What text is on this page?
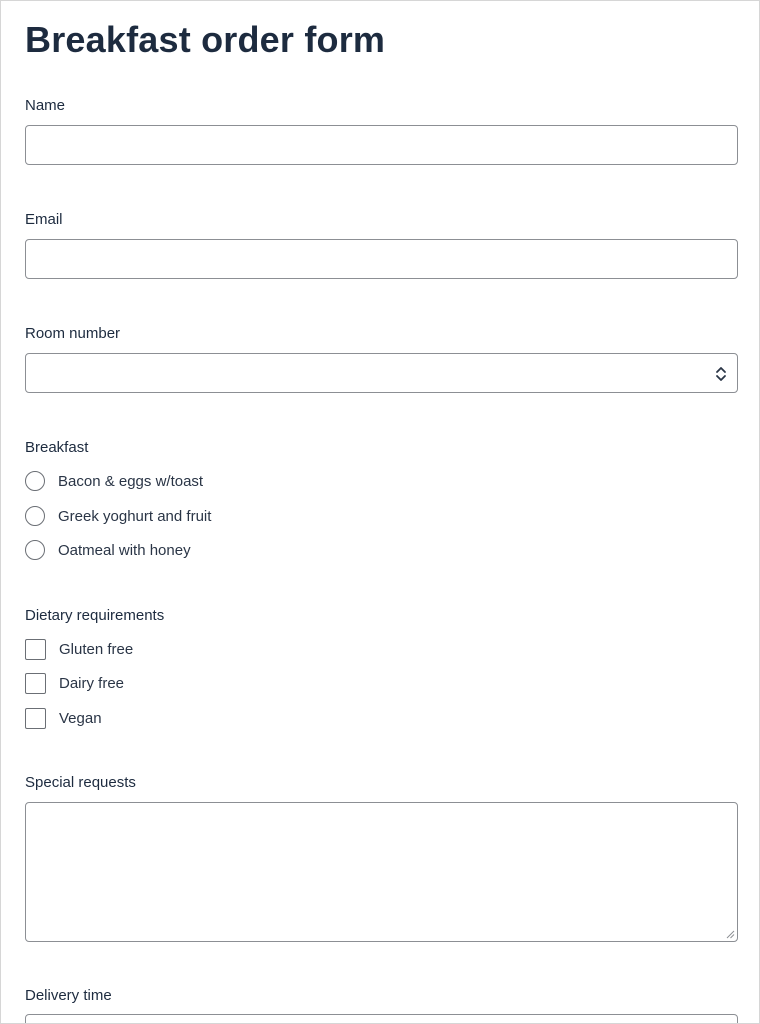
Breakfast order form
Name
Email
Room number
Breakfast
Bacon & eggs w/toast
Greek yoghurt and fruit
Oatmeal with honey
Dietary requirements
Gluten free
Dairy free
Vegan
Special requests
Delivery time
